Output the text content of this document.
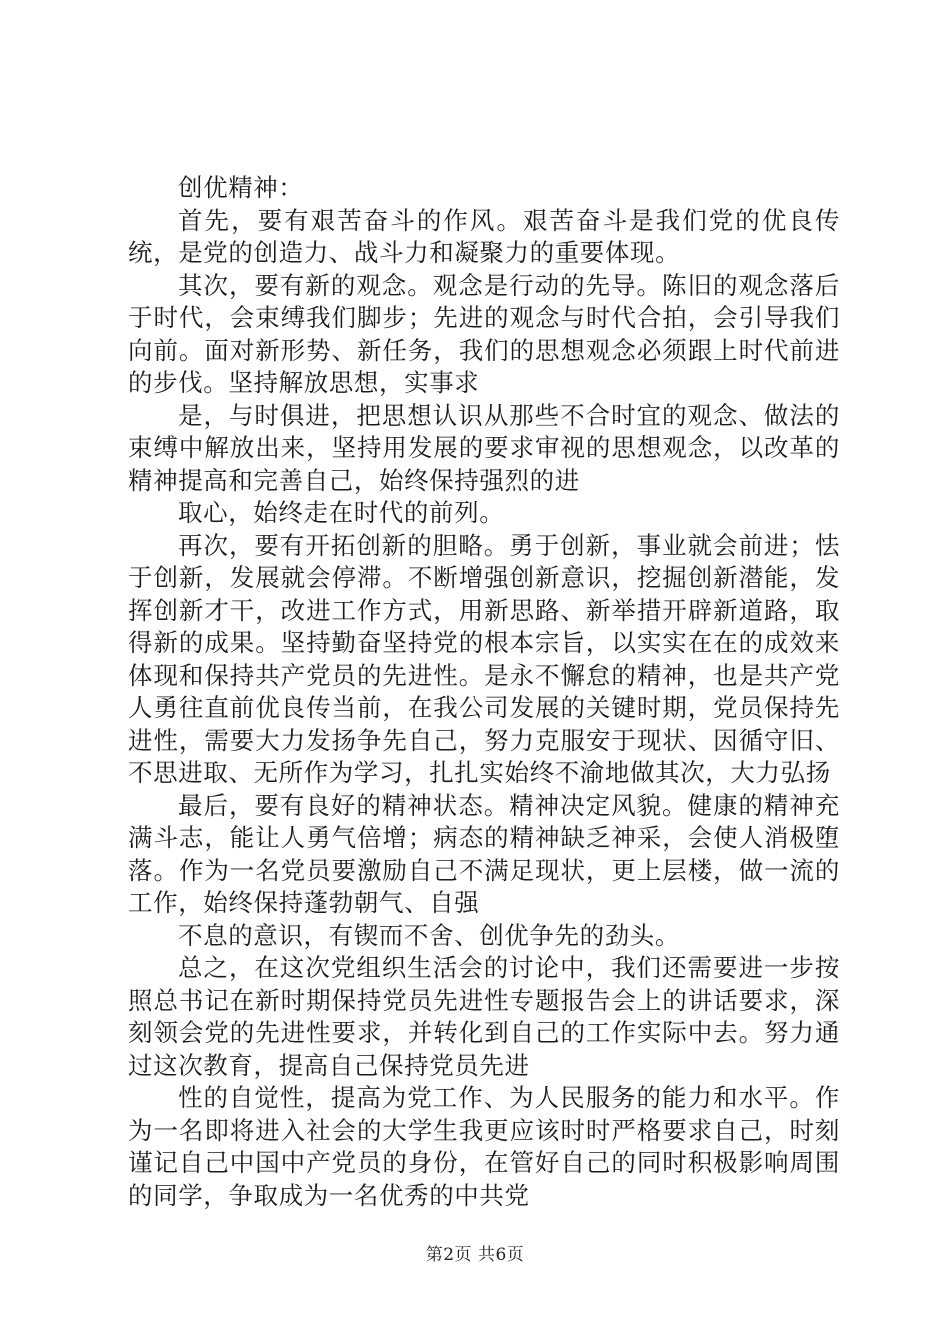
创优精神：

首先，要有艰苦奋斗的作风。艰苦奋斗是我们党的优良传统，是党的创造力、战斗力和凝聚力的重要体现。

其次，要有新的观念。观念是行动的先导。陈旧的观念落后于时代，会束缚我们脚步；先进的观念与时代合拍，会引导我们向前。面对新形势、新任务，我们的思想观念必须跟上时代前进的步伐。坚持解放思想，实事求

是，与时俱进，把思想认识从那些不合时宜的观念、做法的束缚中解放出来，坚持用发展的要求审视的思想观念，以改革的精神提高和完善自己，始终保持强烈的进

取心，始终走在时代的前列。

再次，要有开拓创新的胆略。勇于创新，事业就会前进；怯于创新，发展就会停滞。不断增强创新意识，挖掘创新潜能，发挥创新才干，改进工作方式，用新思路、新举措开辟新道路，取得新的成果。坚持勤奋坚持党的根本宗旨，以实实在在的成效来体现和保持共产党员的先进性。是永不懈怠的精神，也是共产党人勇往直前优良传当前，在我公司发展的关键时期，党员保持先进性，需要大力发扬争先自己，努力克服安于现状、因循守旧、不思进取、无所作为学习，扎扎实始终不渝地做其次，大力弘扬

最后，要有良好的精神状态。精神决定风貌。健康的精神充满斗志，能让人勇气倍增；病态的精神缺乏神采，会使人消极堕落。作为一名党员要激励自己不满足现状，更上层楼，做一流的工作，始终保持蓬勃朝气、自强

不息的意识，有锲而不舍、创优争先的劲头。

总之，在这次党组织生活会的讨论中，我们还需要进一步按照总书记在新时期保持党员先进性专题报告会上的讲话要求，深刻领会党的先进性要求，并转化到自己的工作实际中去。努力通过这次教育，提高自己保持党员先进

性的自觉性，提高为党工作、为人民服务的能力和水平。作为一名即将进入社会的大学生我更应该时时严格要求自己，时刻谨记自己中国中产党员的身份，在管好自己的同时积极影响周围的同学，争取成为一名优秀的中共党

第2页 共6页
